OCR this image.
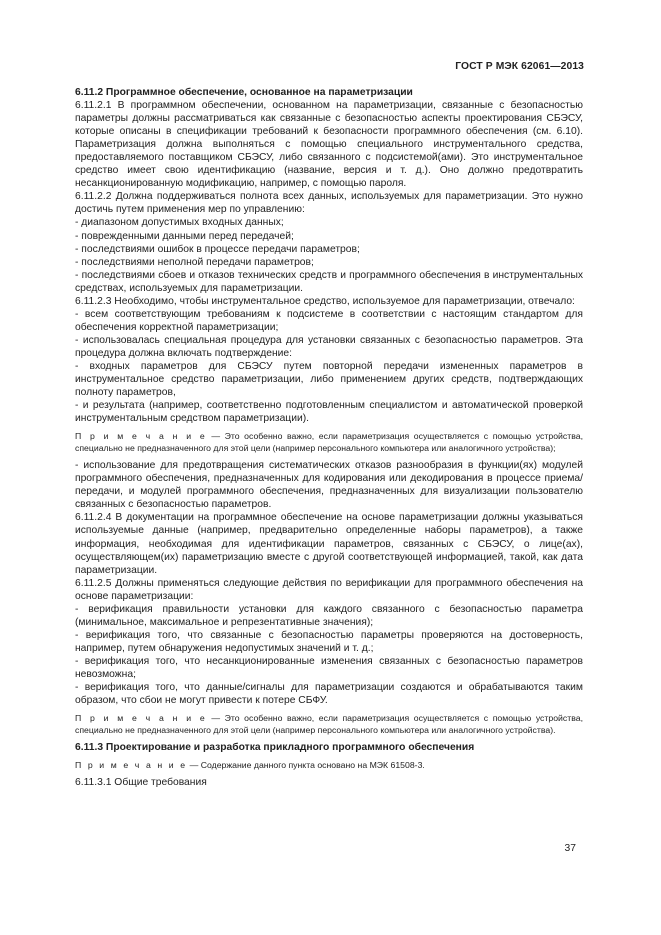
ГОСТ Р МЭК 62061—2013

6.11.2 Программное обеспечение, основанное на параметризации

6.11.2.1 В программном обеспечении, основанном на параметризации, связанные с безопасностью параметры должны рассматриваться как связанные с безопасностью аспекты проектирования СБЭСУ, которые описаны в спецификации требований к безопасности программного обеспечения (см. 6.10). Параметризация должна выполняться с помощью специального инструментального средства, предоставляемого поставщиком СБЭСУ, либо связанного с подсистемой(ами). Это инструментальное средство имеет свою идентификацию (название, версия и т. д.). Оно должно предотвратить несанкционированную модификацию, например, с помощью пароля.

6.11.2.2 Должна поддерживаться полнота всех данных, используемых для параметризации. Это нужно достичь путем применения мер по управлению:

- диапазоном допустимых входных данных;

- поврежденными данными перед передачей;

- последствиями ошибок в процессе передачи параметров;

- последствиями неполной передачи параметров;

- последствиями сбоев и отказов технических средств и программного обеспечения в инструментальных средствах, используемых для параметризации.

6.11.2.3 Необходимо, чтобы инструментальное средство, используемое для параметризации, отвечало:

- всем соответствующим требованиям к подсистеме в соответствии с настоящим стандартом для обеспечения корректной параметризации;

- использовалась специальная процедура для установки связанных с безопасностью параметров. Эта процедура должна включать подтверждение:

- входных параметров для СБЭСУ путем повторной передачи измененных параметров в инструментальное средство параметризации, либо применением других средств, подтверждающих полноту параметров,

- и результата (например, соответственно подготовленным специалистом и автоматической проверкой инструментальным средством параметризации).

П р и м е ч а н и е — Это особенно важно, если параметризация осуществляется с помощью устройства, специально не предназначенного для этой цели (например персонального компьютера или аналогичного устройства);

- использование для предотвращения систематических отказов разнообразия в функции(ях) модулей программного обеспечения, предназначенных для кодирования или декодирования в процессе приема/передачи, и модулей программного обеспечения, предназначенных для визуализации пользователю связанных с безопасностью параметров.

6.11.2.4 В документации на программное обеспечение на основе параметризации должны указываться используемые данные (например, предварительно определенные наборы параметров), а также информация, необходимая для идентификации параметров, связанных с СБЭСУ, о лице(ах), осуществляющем(их) параметризацию вместе с другой соответствующей информацией, такой, как дата параметризации.

6.11.2.5 Должны применяться следующие действия по верификации для программного обеспечения на основе параметризации:

- верификация правильности установки для каждого связанного с безопасностью параметра (минимальное, максимальное и репрезентативные значения);

- верификация того, что связанные с безопасностью параметры проверяются на достоверность, например, путем обнаружения недопустимых значений и т. д.;

- верификация того, что несанкционированные изменения связанных с безопасностью параметров невозможна;

- верификация того, что данные/сигналы для параметризации создаются и обрабатываются таким образом, что сбои не могут привести к потере СБФУ.

П р и м е ч а н и е — Это особенно важно, если параметризация осуществляется с помощью устройства, специально не предназначенного для этой цели (например персонального компьютера или аналогичного устройства).

6.11.3 Проектирование и разработка прикладного программного обеспечения

П р и м е ч а н и е — Содержание данного пункта основано на МЭК 61508-3.

6.11.3.1 Общие требования

37
